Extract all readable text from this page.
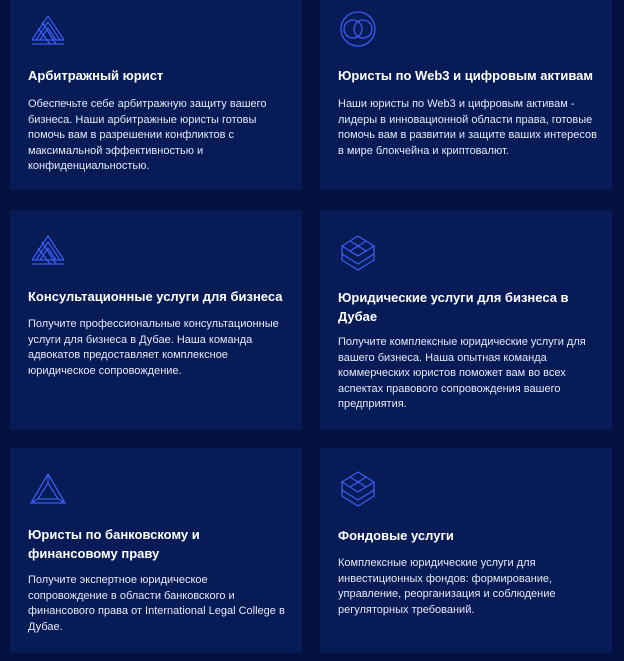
Арбитражный юрист
Обеспечьте себе арбитражную защиту вашего бизнеса. Наши арбитражные юристы готовы помочь вам в разрешении конфликтов с максимальной эффективностью и конфиденциальностью.
Юристы по Web3 и цифровым активам
Наши юристы по Web3 и цифровым активам - лидеры в инновационной области права, готовые помочь вам в развитии и защите ваших интересов в мире блокчейна и криптовалют.
Консультационные услуги для бизнеса
Получите профессиональные консультационные услуги для бизнеса в Дубае. Наша команда адвокатов предоставляет комплексное юридическое сопровождение.
Юридические услуги для бизнеса в Дубае
Получите комплексные юридические услуги для вашего бизнеса. Наша опытная команда коммерческих юристов поможет вам во всех аспектах правового сопровождения вашего предприятия.
Юристы по банковскому и финансовому праву
Получите экспертное юридическое сопровождение в области банковского и финансового права от International Legal College в Дубае.
Фондовые услуги
Комплексные юридические услуги для инвестиционных фондов: формирование, управление, реорганизация и соблюдение регуляторных требований.
